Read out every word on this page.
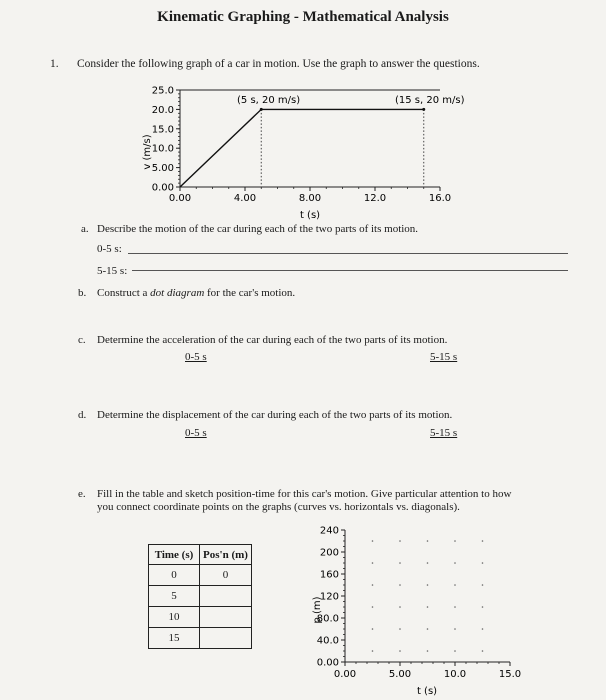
Kinematic Graphing - Mathematical Analysis
1. Consider the following graph of a car in motion. Use the graph to answer the questions.
v (m/s)
0.00
5.00
10.0
15.0
20.0
25.0
0.00	4.00	8.00	12.0	16.0
(5 s, 20 m/s)	(15 s, 20 m/s)
t (s)
a. Describe the motion of the car during each of the two parts of its motion.
0-5 s:
5-15 s:
b. Construct a dot diagram for the car's motion.
c. Determine the acceleration of the car during each of the two parts of its motion.
0-5 s	5-15 s
d. Determine the displacement of the car during each of the two parts of its motion.
0-5 s	5-15 s
e. Fill in the table and sketch position-time for this car's motion. Give particular attention to how
you connect coordinate points on the graphs (curves vs. horizontals vs. diagonals).
Time (s)	Pos'n (m)
0	0
5	
10	
15	
p (m)
0.00
40.0
80.0
120
160
200
240
0.00	5.00	10.0	15.0
t (s)
